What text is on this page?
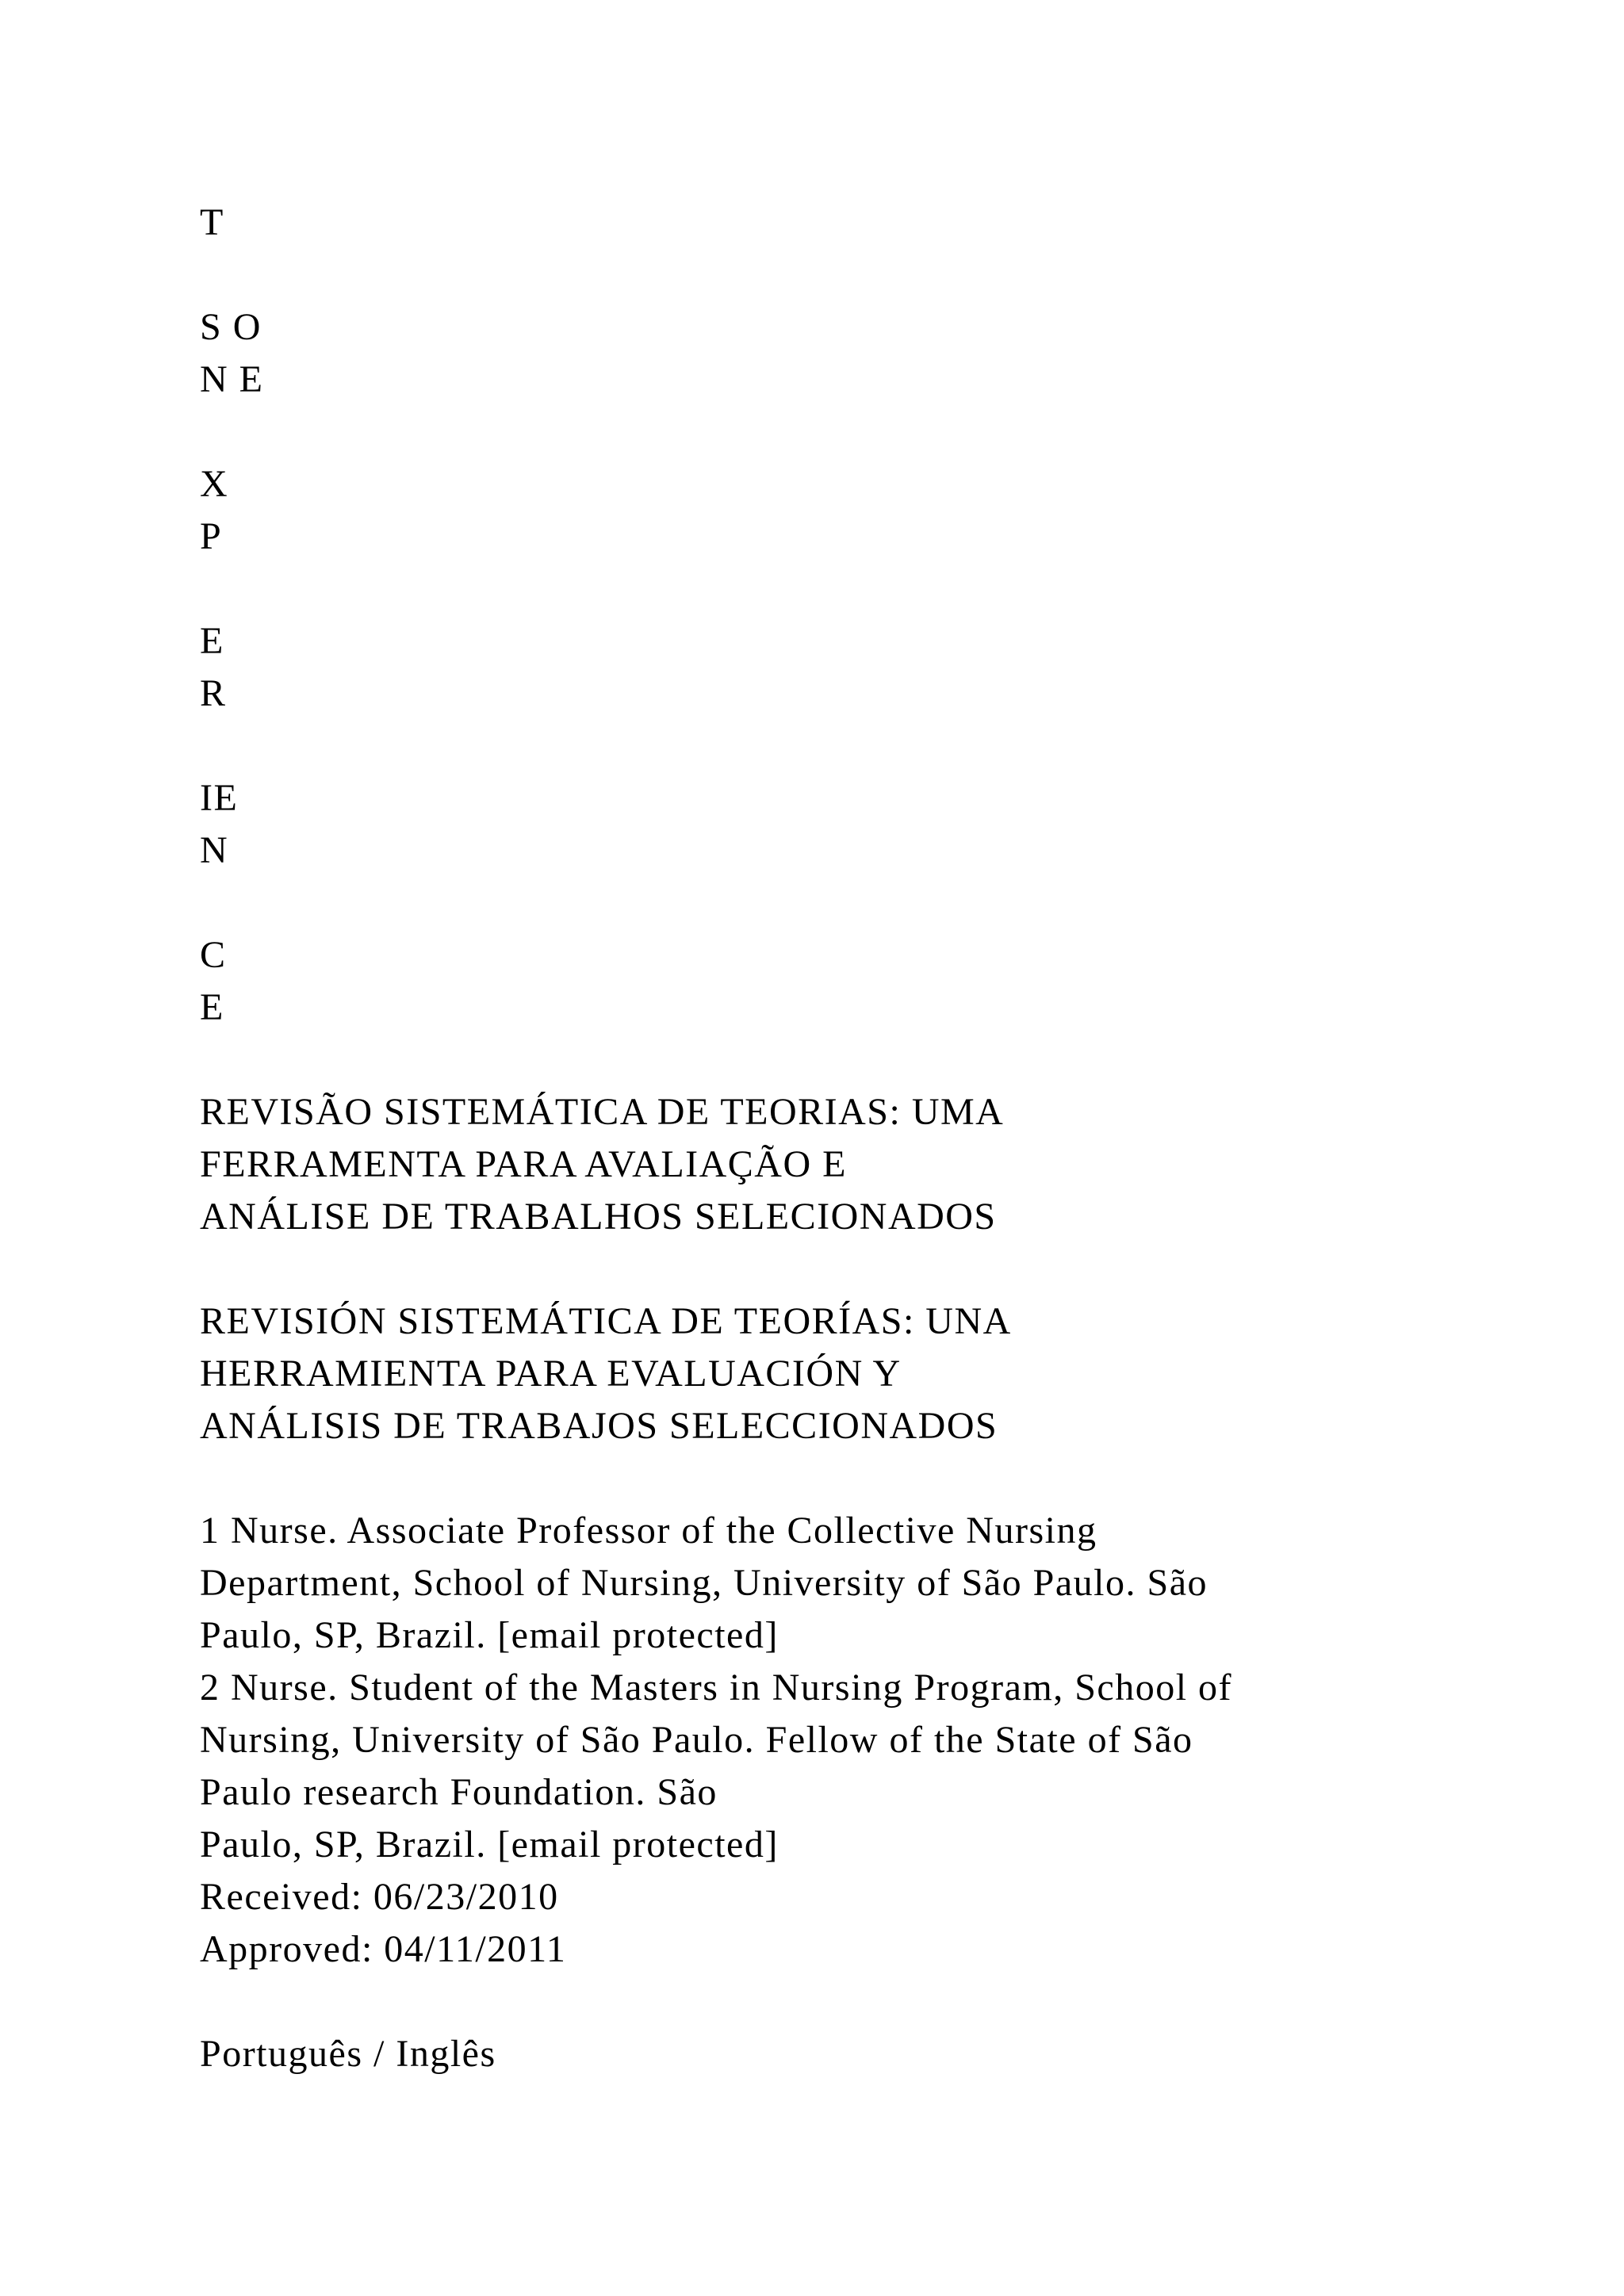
T
S O
N E
X
P
E
R
IE
N
C
E
REVISÃO SISTEMÁTICA DE TEORIAS: UMA
FERRAMENTA PARA AVALIAÇÃO E
ANÁLISE DE TRABALHOS SELECIONADOS
REVISIÓN SISTEMÁTICA DE TEORÍAS: UNA
HERRAMIENTA PARA EVALUACIÓN Y
ANÁLISIS DE TRABAJOS SELECCIONADOS
1 Nurse. Associate Professor of the Collective Nursing
Department, School of Nursing, University of São Paulo. São
Paulo, SP, Brazil. [email protected]
2 Nurse. Student of the Masters in Nursing Program, School of
Nursing, University of São Paulo. Fellow of the State of São
Paulo research Foundation. São
Paulo, SP, Brazil. [email protected]
Received: 06/23/2010
Approved: 04/11/2011
Português / Inglês
